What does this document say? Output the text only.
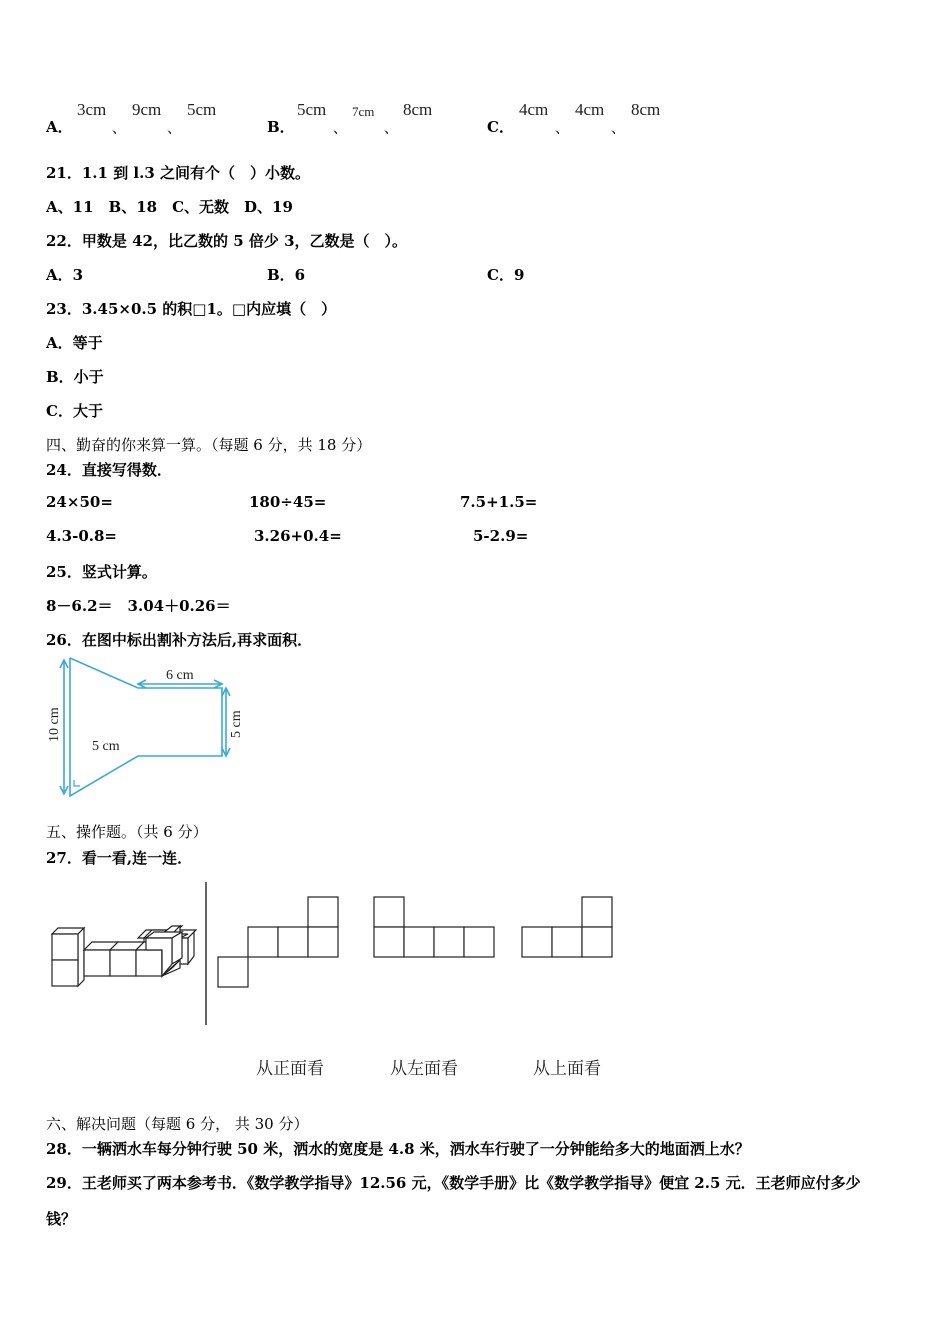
A．
3cm
、
9cm
、
5cm
B．
5cm
、
7cm
、
8cm
C．
4cm
、
4cm
、
8cm
21．1.1 到 l.3 之间有个（　）小数。
A、11　B、18　C、无数　D、19
22．甲数是 42，比乙数的 5 倍少 3，乙数是（　）。
A．3	B．6	C．9
23．3.45×0.5 的积□1。□内应填（　）
A．等于
B．小于
C．大于
四、勤奋的你来算一算。（每题 6 分，共 18 分）
24．直接写得数．
24×50=	180÷45=	7.5+1.5=
4.3-0.8=	3.26+0.4=	5-2.9=
25．竖式计算。
8－6.2＝　3.04＋0.26＝
26．在图中标出割补方法后,再求面积．
6 cm
5 cm
10 cm	5 cm
五、操作题。（共 6 分）
27．看一看,连一连．
从正面看	从左面看	从上面看
六、解决问题（每题 6 分， 共 30 分）
28．一辆洒水车每分钟行驶 50 米，洒水的宽度是 4.8 米，洒水车行驶了一分钟能给多大的地面洒上水？
29．王老师买了两本参考书．《数学教学指导》12.56 元，《数学手册》比《数学教学指导》便宜 2.5 元．王老师应付多少
钱？
